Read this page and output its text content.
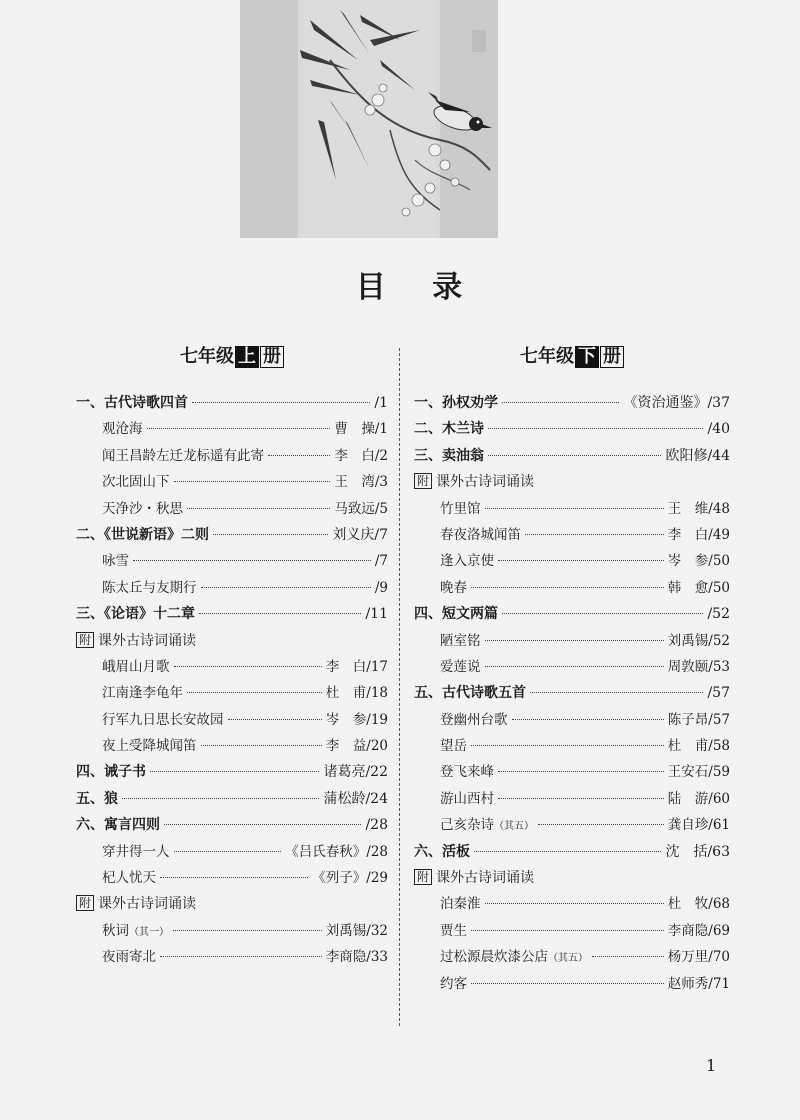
目 录
七年级 上 册
一、古代诗歌四首	/1
观沧海	曹　操/1
闻王昌龄左迁龙标遥有此寄	李　白/2
次北固山下	王　湾/3
天净沙・秋思	马致远/5
二、《世说新语》二则	刘义庆/7
咏雪	/7
陈太丘与友期行	/9
三、《论语》十二章	/11
附 课外古诗词诵读
峨眉山月歌	李　白/17
江南逢李龟年	杜　甫/18
行军九日思长安故园	岑　参/19
夜上受降城闻笛	李　益/20
四、诫子书	诸葛亮/22
五、狼	蒲松龄/24
六、寓言四则	/28
穿井得一人	《吕氏春秋》/28
杞人忧天	《列子》/29
附 课外古诗词诵读
秋词（其一）	刘禹锡/32
夜雨寄北	李商隐/33
七年级 下 册
一、孙权劝学	《资治通鉴》/37
二、木兰诗	/40
三、卖油翁	欧阳修/44
附 课外古诗词诵读
竹里馆	王　维/48
春夜洛城闻笛	李　白/49
逢入京使	岑　参/50
晚春	韩　愈/50
四、短文两篇	/52
陋室铭	刘禹锡/52
爱莲说	周敦颐/53
五、古代诗歌五首	/57
登幽州台歌	陈子昂/57
望岳	杜　甫/58
登飞来峰	王安石/59
游山西村	陆　游/60
己亥杂诗（其五）	龚自珍/61
六、活板	沈　括/63
附 课外古诗词诵读
泊秦淮	杜　牧/68
贾生	李商隐/69
过松源晨炊漆公店（其五）	杨万里/70
约客	赵师秀/71
1
